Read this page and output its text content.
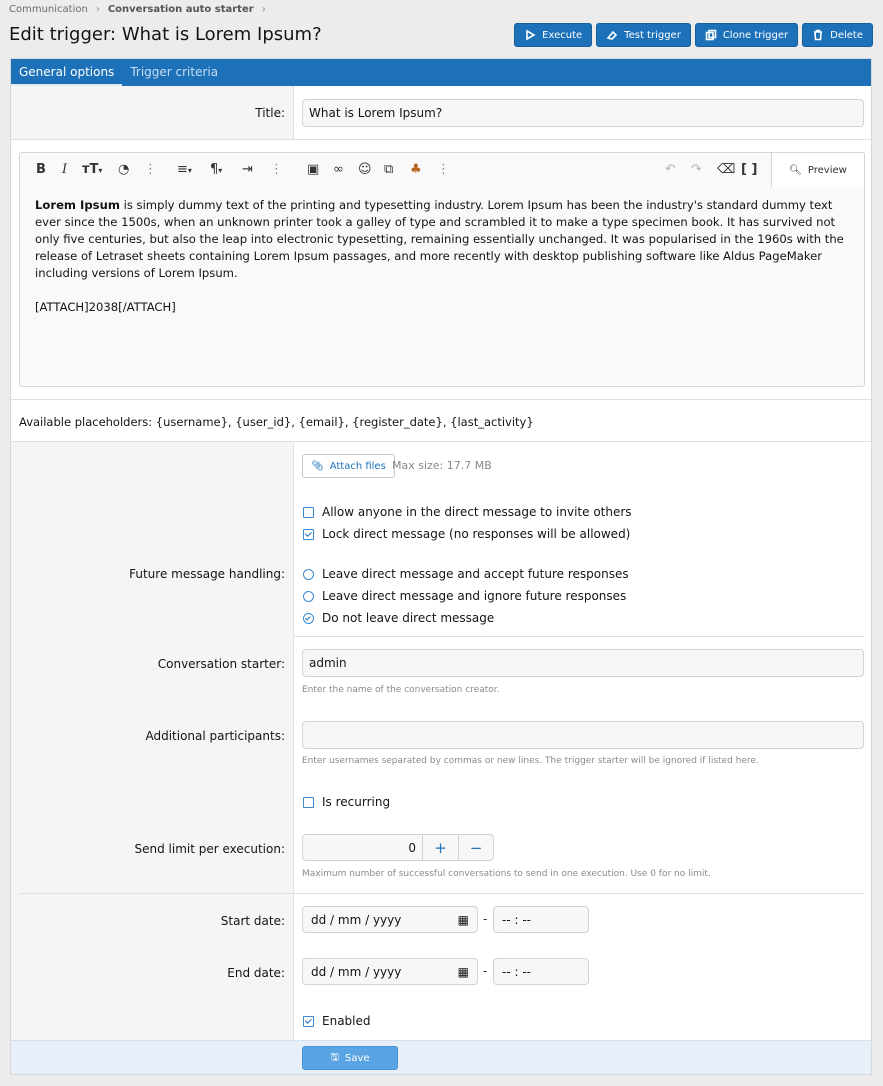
Communication › Conversation auto starter ›
Edit trigger: What is Lorem Ipsum?	Execute	Test trigger	Clone trigger	Delete
General options	Trigger criteria
Title:	What is Lorem Ipsum?
B I тT▾ ◔ ⋮ ≡▾ ¶▾ ⇥ ⋮ ▣ ∞ ☺ ⧉ ♣ ⋮	↶ ↷ ⌫ [ ]	🔍︎ Preview

Lorem Ipsum is simply dummy text of the printing and typesetting industry. Lorem Ipsum has been the industry's standard dummy text ever since the 1500s, when an unknown printer took a galley of type and scrambled it to make a type specimen book. It has survived not only five centuries, but also the leap into electronic typesetting, remaining essentially unchanged. It was popularised in the 1960s with the release of Letraset sheets containing Lorem Ipsum passages, and more recently with desktop publishing software like Aldus PageMaker including versions of Lorem Ipsum.

[ATTACH]2038[/ATTACH]

Available placeholders: {username}, {user_id}, {email}, {register_date}, {last_activity}
📎︎ Attach files Max size: 17.7 MB
Allow anyone in the direct message to invite others
Lock direct message (no responses will be allowed)
Future message handling:	Leave direct message and accept future responses
Leave direct message and ignore future responses
Do not leave direct message
Conversation starter:	admin
Enter the name of the conversation creator.
Additional participants:
Enter usernames separated by commas or new lines. The trigger starter will be ignored if listed here.
Is recurring
Send limit per execution:	0	+ −
Maximum number of successful conversations to send in one execution. Use 0 for no limit.
Start date: dd / mm / yyyy	▦ - -- : --
End date: dd / mm / yyyy	▦ - -- : --
Enabled
🖫︎ Save
